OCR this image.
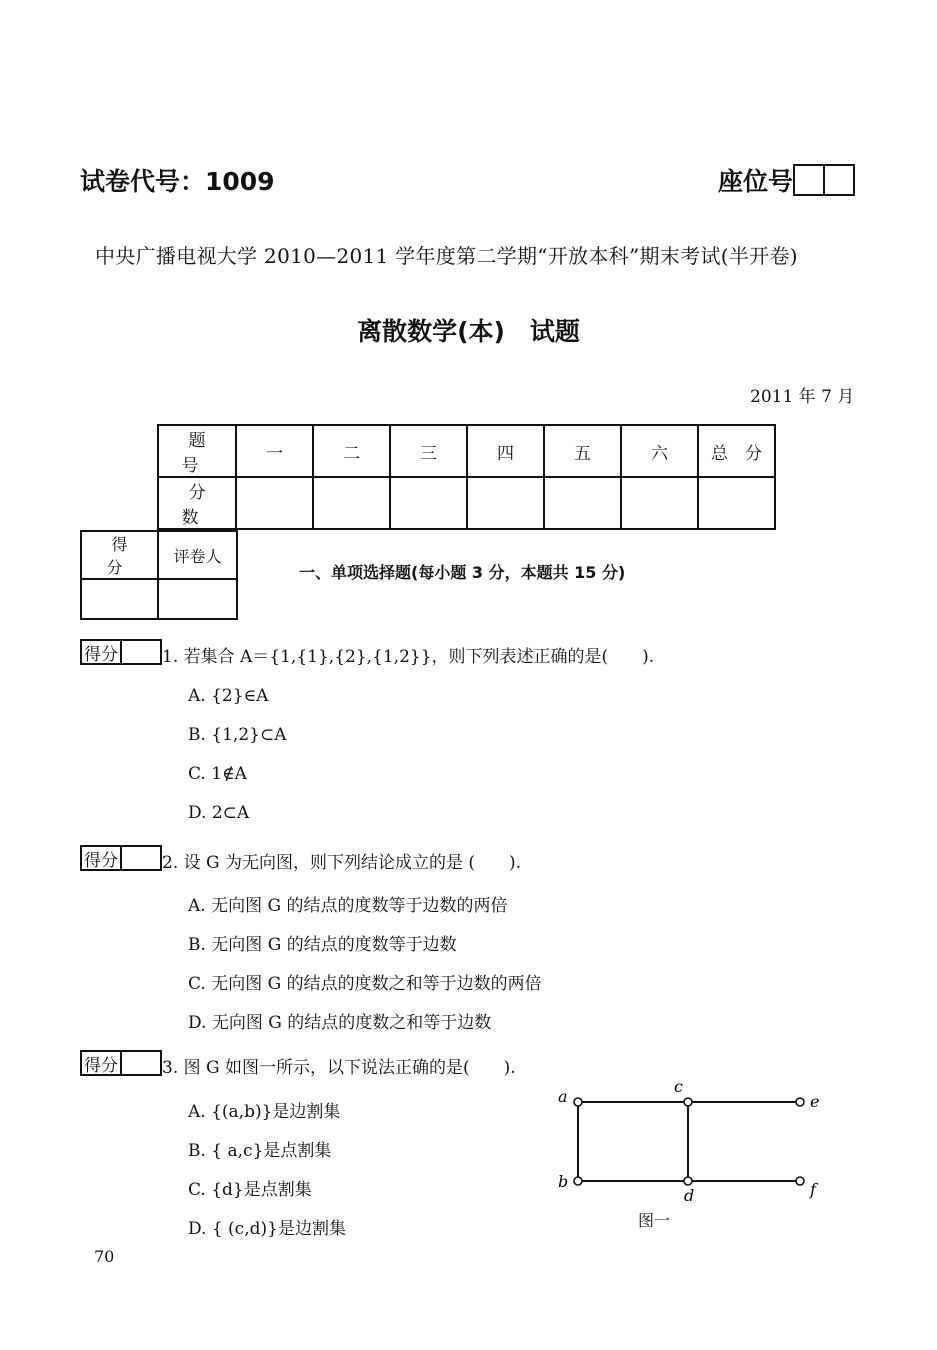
试卷代号：1009	座位号
中央广播电视大学 2010—2011 学年度第二学期“开放本科”期末考试(半开卷)
离散数学(本)　试题
2011 年 7 月
题　号	一	二	三	四	五	六	总　分
分　数							
得　分	评卷人

一、单项选择题(每小题 3 分，本题共 15 分)
得分	1. 若集合 A＝{1,{1},{2},{1,2}}，则下列表述正确的是(　　).
A. {2}∈A
B. {1,2}⊂A
C. 1∉A
D. 2⊂A
得分	2. 设 G 为无向图，则下列结论成立的是 (　　).
A. 无向图 G 的结点的度数等于边数的两倍
B. 无向图 G 的结点的度数等于边数
C. 无向图 G 的结点的度数之和等于边数的两倍
D. 无向图 G 的结点的度数之和等于边数
得分	3. 图 G 如图一所示，以下说法正确的是(　　).
A. {(a,b)}是边割集
B. { a,c}是点割集
C. {d}是点割集
D. { (c,d)}是边割集
a
b
c
d
e
f
图一
70
